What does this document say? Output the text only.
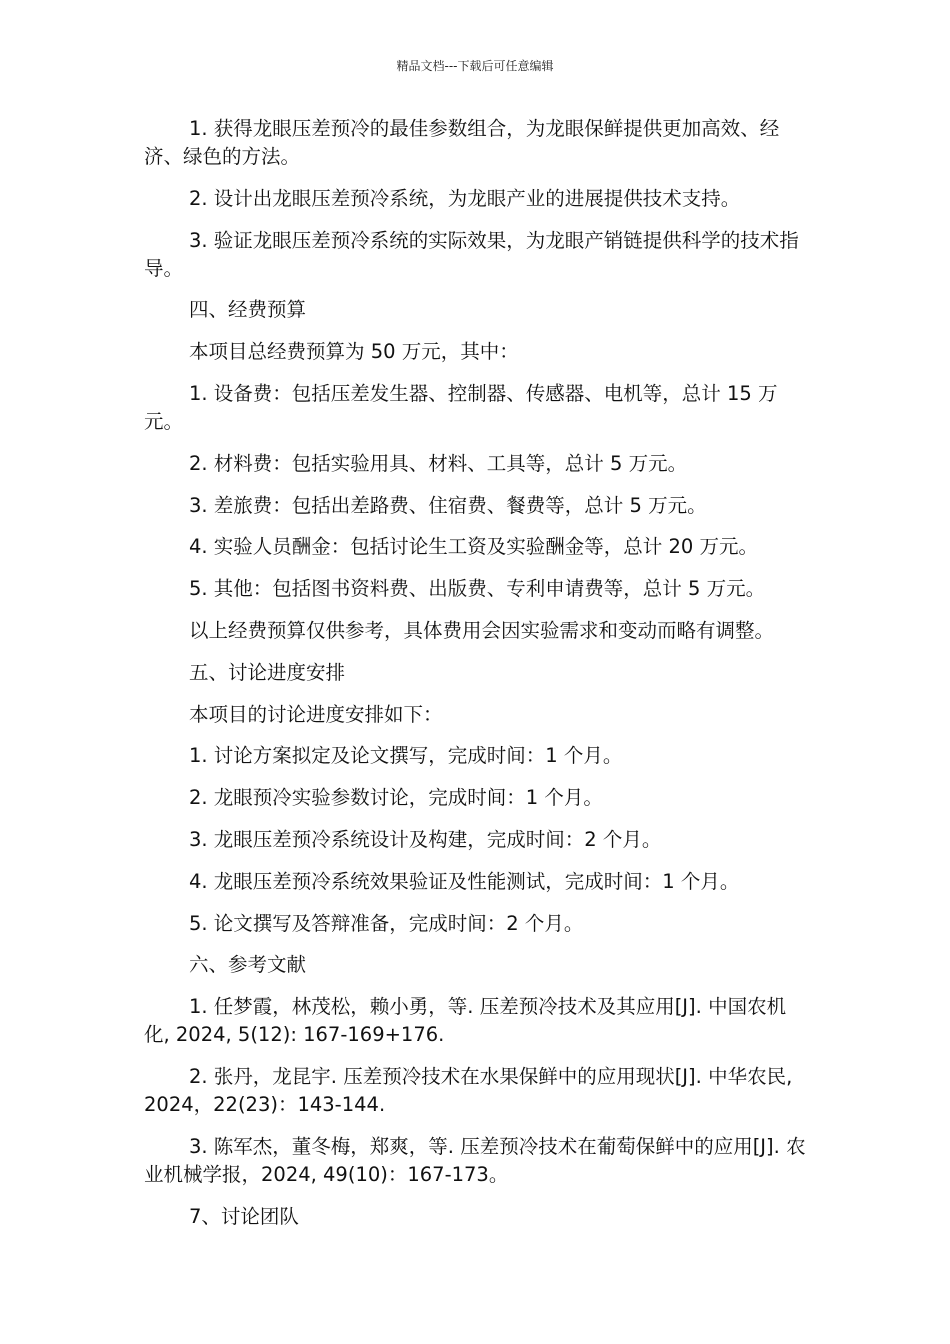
精品文档---下载后可任意编辑

1. 获得龙眼压差预冷的最佳参数组合，为龙眼保鲜提供更加高效、经济、绿色的方法。

2. 设计出龙眼压差预冷系统，为龙眼产业的进展提供技术支持。

3. 验证龙眼压差预冷系统的实际效果，为龙眼产销链提供科学的技术指导。

四、经费预算

本项目总经费预算为 50 万元，其中：

1. 设备费：包括压差发生器、控制器、传感器、电机等，总计 15 万元。

2. 材料费：包括实验用具、材料、工具等，总计 5 万元。

3. 差旅费：包括出差路费、住宿费、餐费等，总计 5 万元。

4. 实验人员酬金：包括讨论生工资及实验酬金等，总计 20 万元。

5. 其他：包括图书资料费、出版费、专利申请费等，总计 5 万元。

以上经费预算仅供参考，具体费用会因实验需求和变动而略有调整。

五、讨论进度安排

本项目的讨论进度安排如下：

1. 讨论方案拟定及论文撰写，完成时间：1 个月。

2. 龙眼预冷实验参数讨论，完成时间：1 个月。

3. 龙眼压差预冷系统设计及构建，完成时间：2 个月。

4. 龙眼压差预冷系统效果验证及性能测试，完成时间：1 个月。

5. 论文撰写及答辩准备，完成时间：2 个月。

六、参考文献

1. 任梦霞，林茂松，赖小勇，等. 压差预冷技术及其应用[J]. 中国农机化, 2024, 5(12): 167-169+176.

2. 张丹，龙昆宇. 压差预冷技术在水果保鲜中的应用现状[J]. 中华农民, 2024，22(23)：143-144.

3. 陈军杰，董冬梅，郑爽，等. 压差预冷技术在葡萄保鲜中的应用[J]. 农业机械学报，2024, 49(10)：167-173。

7、讨论团队
